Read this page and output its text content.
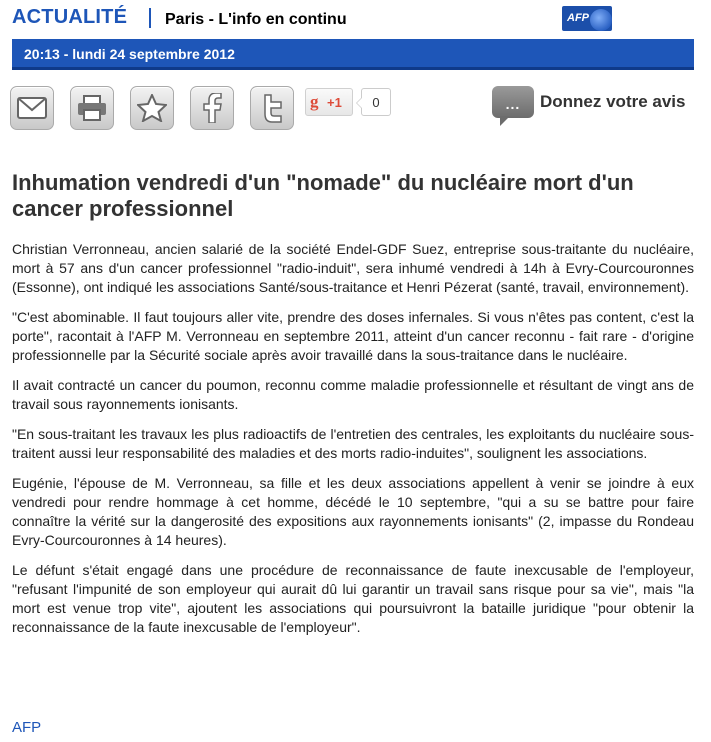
ACTUALITÉ Paris - L'info en continu	AFP
20:13 - lundi 24 septembre 2012
g +1	0	...	Donnez votre avis
Inhumation vendredi d'un "nomade" du nucléaire mort d'un cancer professionnel

Christian Verronneau, ancien salarié de la société Endel-GDF Suez, entreprise sous-traitante du nucléaire, mort à 57 ans d'un cancer professionnel "radio-induit", sera inhumé vendredi à 14h à Evry-Courcouronnes (Essonne), ont indiqué les associations Santé/sous-traitance et Henri Pézerat (santé, travail, environnement).

"C'est abominable. Il faut toujours aller vite, prendre des doses infernales. Si vous n'êtes pas content, c'est la porte", racontait à l'AFP M. Verronneau en septembre 2011, atteint d'un cancer reconnu - fait rare - d'origine professionnelle par la Sécurité sociale après avoir travaillé dans la sous-traitance dans le nucléaire.

Il avait contracté un cancer du poumon, reconnu comme maladie professionnelle et résultant de vingt ans de travail sous rayonnements ionisants.

"En sous-traitant les travaux les plus radioactifs de l'entretien des centrales, les exploitants du nucléaire sous-traitent aussi leur responsabilité des maladies et des morts radio-induites", soulignent les associations.

Eugénie, l'épouse de M. Verronneau, sa fille et les deux associations appellent à venir se joindre à eux vendredi pour rendre hommage à cet homme, décédé le 10 septembre, "qui a su se battre pour faire connaître la vérité sur la dangerosité des expositions aux rayonnements ionisants" (2, impasse du Rondeau Evry-Courcouronnes à 14 heures).

Le défunt s'était engagé dans une procédure de reconnaissance de faute inexcusable de l'employeur, "refusant l'impunité de son employeur qui aurait dû lui garantir un travail sans risque pour sa vie", mais "la mort est venue trop vite", ajoutent les associations qui poursuivront la bataille juridique "pour obtenir la reconnaissance de la faute inexcusable de l'employeur".

AFP
